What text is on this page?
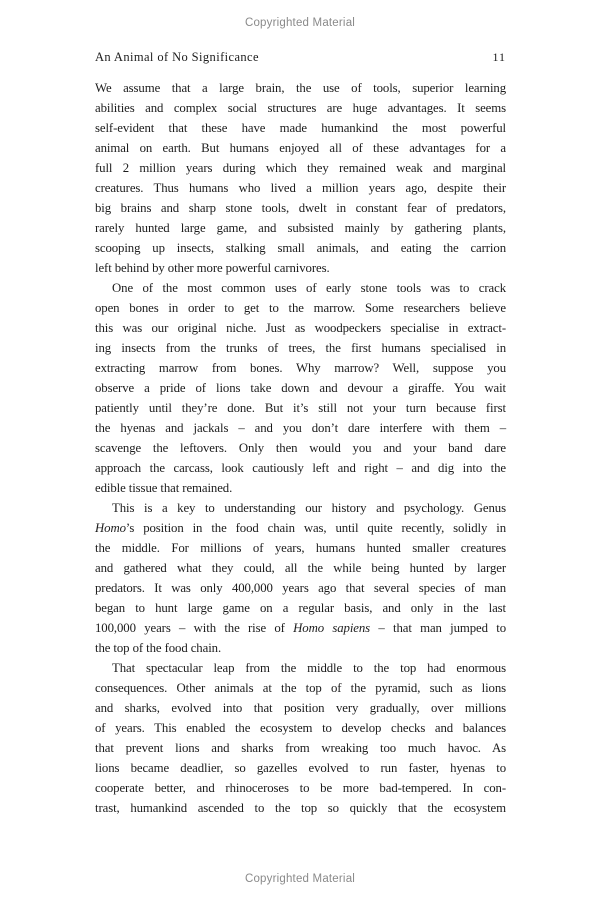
Copyrighted Material
An Animal of No Significance	11
We assume that a large brain, the use of tools, superior learning
abilities and complex social structures are huge advantages. It seems
self-evident that these have made humankind the most powerful
animal on earth. But humans enjoyed all of these advantages for a
full 2 million years during which they remained weak and marginal
creatures. Thus humans who lived a million years ago, despite their
big brains and sharp stone tools, dwelt in constant fear of predators,
rarely hunted large game, and subsisted mainly by gathering plants,
scooping up insects, stalking small animals, and eating the carrion
left behind by other more powerful carnivores.
One of the most common uses of early stone tools was to crack
open bones in order to get to the marrow. Some researchers believe
this was our original niche. Just as woodpeckers specialise in extract-
ing insects from the trunks of trees, the first humans specialised in
extracting marrow from bones. Why marrow? Well, suppose you
observe a pride of lions take down and devour a giraffe. You wait
patiently until they’re done. But it’s still not your turn because first
the hyenas and jackals – and you don’t dare interfere with them –
scavenge the leftovers. Only then would you and your band dare
approach the carcass, look cautiously left and right – and dig into the
edible tissue that remained.
This is a key to understanding our history and psychology. Genus
Homo’s position in the food chain was, until quite recently, solidly in
the middle. For millions of years, humans hunted smaller creatures
and gathered what they could, all the while being hunted by larger
predators. It was only 400,000 years ago that several species of man
began to hunt large game on a regular basis, and only in the last
100,000 years – with the rise of Homo sapiens – that man jumped to
the top of the food chain.
That spectacular leap from the middle to the top had enormous
consequences. Other animals at the top of the pyramid, such as lions
and sharks, evolved into that position very gradually, over millions
of years. This enabled the ecosystem to develop checks and balances
that prevent lions and sharks from wreaking too much havoc. As
lions became deadlier, so gazelles evolved to run faster, hyenas to
cooperate better, and rhinoceroses to be more bad-tempered. In con-
trast, humankind ascended to the top so quickly that the ecosystem
Copyrighted Material
